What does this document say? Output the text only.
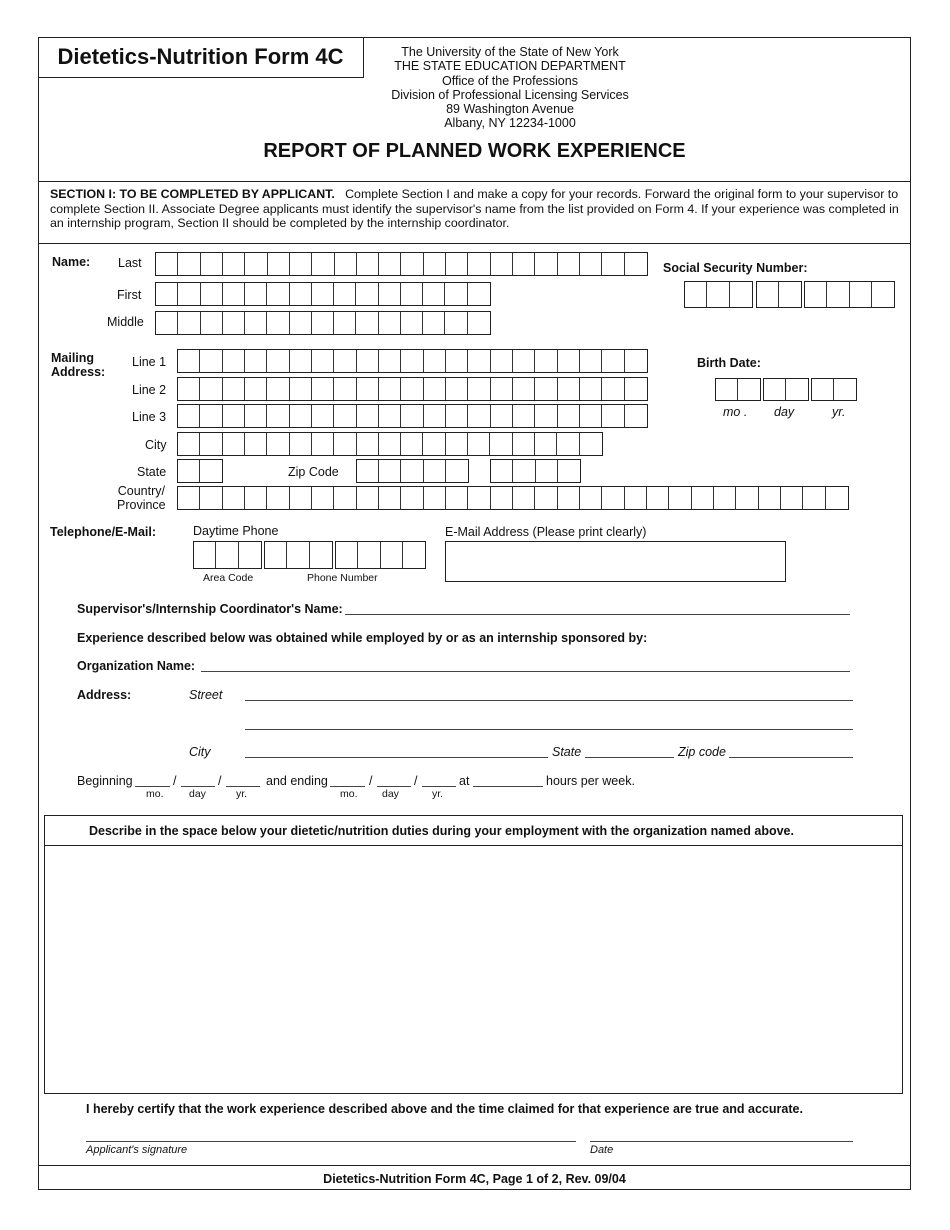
Dietetics-Nutrition Form 4C	The University of the State of New York
THE STATE EDUCATION DEPARTMENT
Office of the Professions
Division of Professional Licensing Services
89 Washington Avenue
Albany, NY 12234-1000
REPORT OF PLANNED WORK EXPERIENCE
SECTION I: TO BE COMPLETED BY APPLICANT. Complete Section I and make a copy for your records. Forward the original form to your supervisor to complete Section II. Associate Degree applicants must identify the supervisor's name from the list provided on Form 4. If your experience was completed in an internship program, Section II should be completed by the internship coordinator.
Name: Last
First
Middle
Social Security Number:
Mailing
Address:
Line 1
Line 2
Line 3
City
State	Zip Code
Country/
Province
Birth Date:
mo . day	yr.
Telephone/E-Mail:	Daytime Phone
Area Code	Phone Number
E-Mail Address (Please print clearly)
Supervisor's/Internship Coordinator's Name:
Experience described below was obtained while employed by or as an internship sponsored by:
Organization Name:
Address:	Street
City	State	Zip code
Beginning	/	/	and ending	/	/	at	hours per week.
mo. day	yr.	mo. day	yr.
Describe in the space below your dietetic/nutrition duties during your employment with the organization named above.
I hereby certify that the work experience described above and the time claimed for that experience are true and accurate.
Applicant's signature	Date
Dietetics-Nutrition Form 4C, Page 1 of 2, Rev. 09/04
